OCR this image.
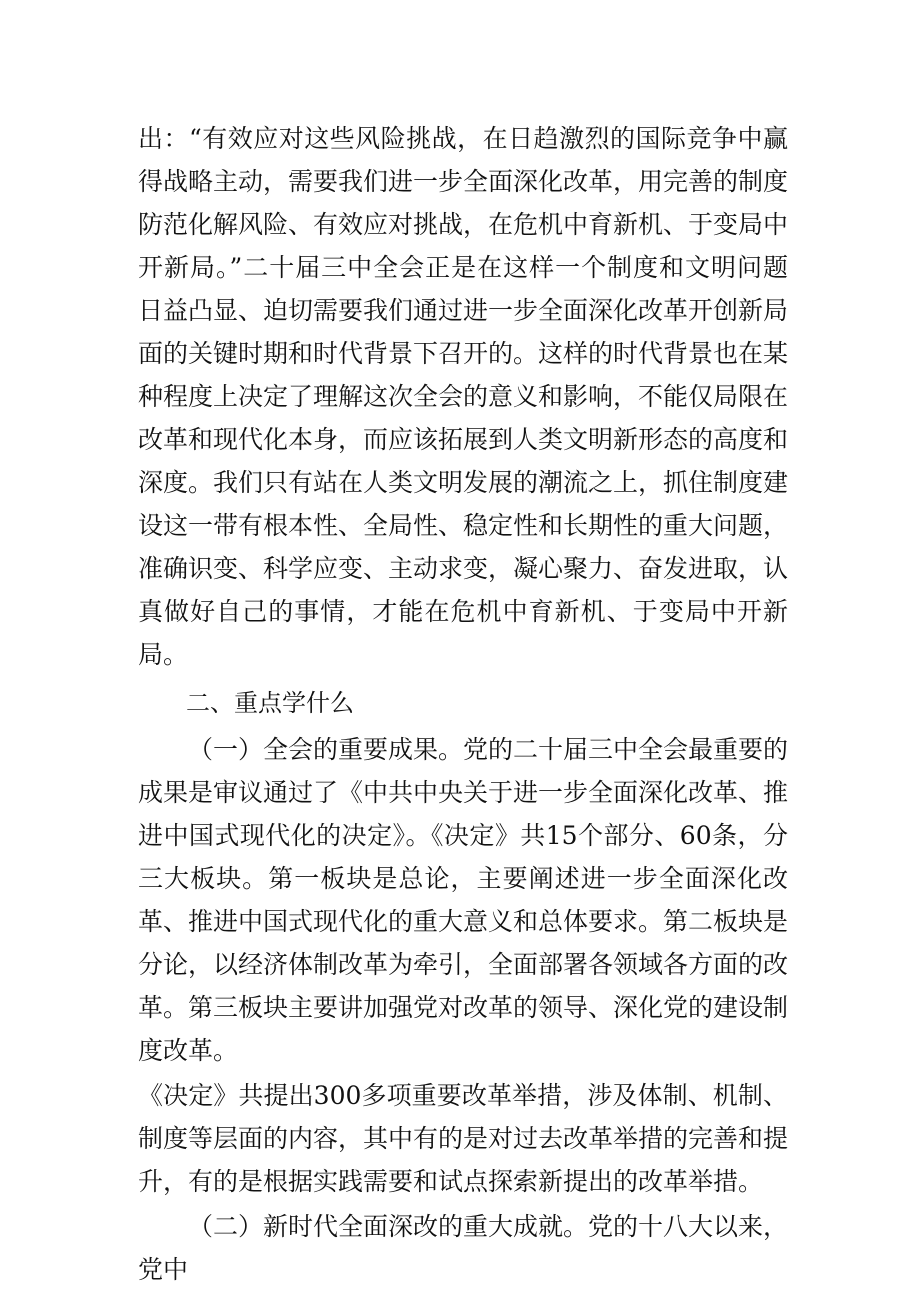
出：“有效应对这些风险挑战，在日趋激烈的国际竞争中赢得战略主动，需要我们进一步全面深化改革，用完善的制度防范化解风险、有效应对挑战，在危机中育新机、于变局中开新局。”二十届三中全会正是在这样一个制度和文明问题日益凸显、迫切需要我们通过进一步全面深化改革开创新局面的关键时期和时代背景下召开的。这样的时代背景也在某种程度上决定了理解这次全会的意义和影响，不能仅局限在改革和现代化本身，而应该拓展到人类文明新形态的高度和深度。我们只有站在人类文明发展的潮流之上，抓住制度建设这一带有根本性、全局性、稳定性和长期性的重大问题，准确识变、科学应变、主动求变，凝心聚力、奋发进取，认真做好自己的事情，才能在危机中育新机、于变局中开新局。

二、重点学什么

（一）全会的重要成果。党的二十届三中全会最重要的成果是审议通过了《中共中央关于进一步全面深化改革、推进中国式现代化的决定》。《决定》共15个部分、60条，分三大板块。第一板块是总论，主要阐述进一步全面深化改革、推进中国式现代化的重大意义和总体要求。第二板块是分论，以经济体制改革为牵引，全面部署各领域各方面的改革。第三板块主要讲加强党对改革的领导、深化党的建设制度改革。

《决定》共提出300多项重要改革举措，涉及体制、机制、制度等层面的内容，其中有的是对过去改革举措的完善和提升，有的是根据实践需要和试点探索新提出的改革举措。

（二）新时代全面深改的重大成就。党的十八大以来，党中
